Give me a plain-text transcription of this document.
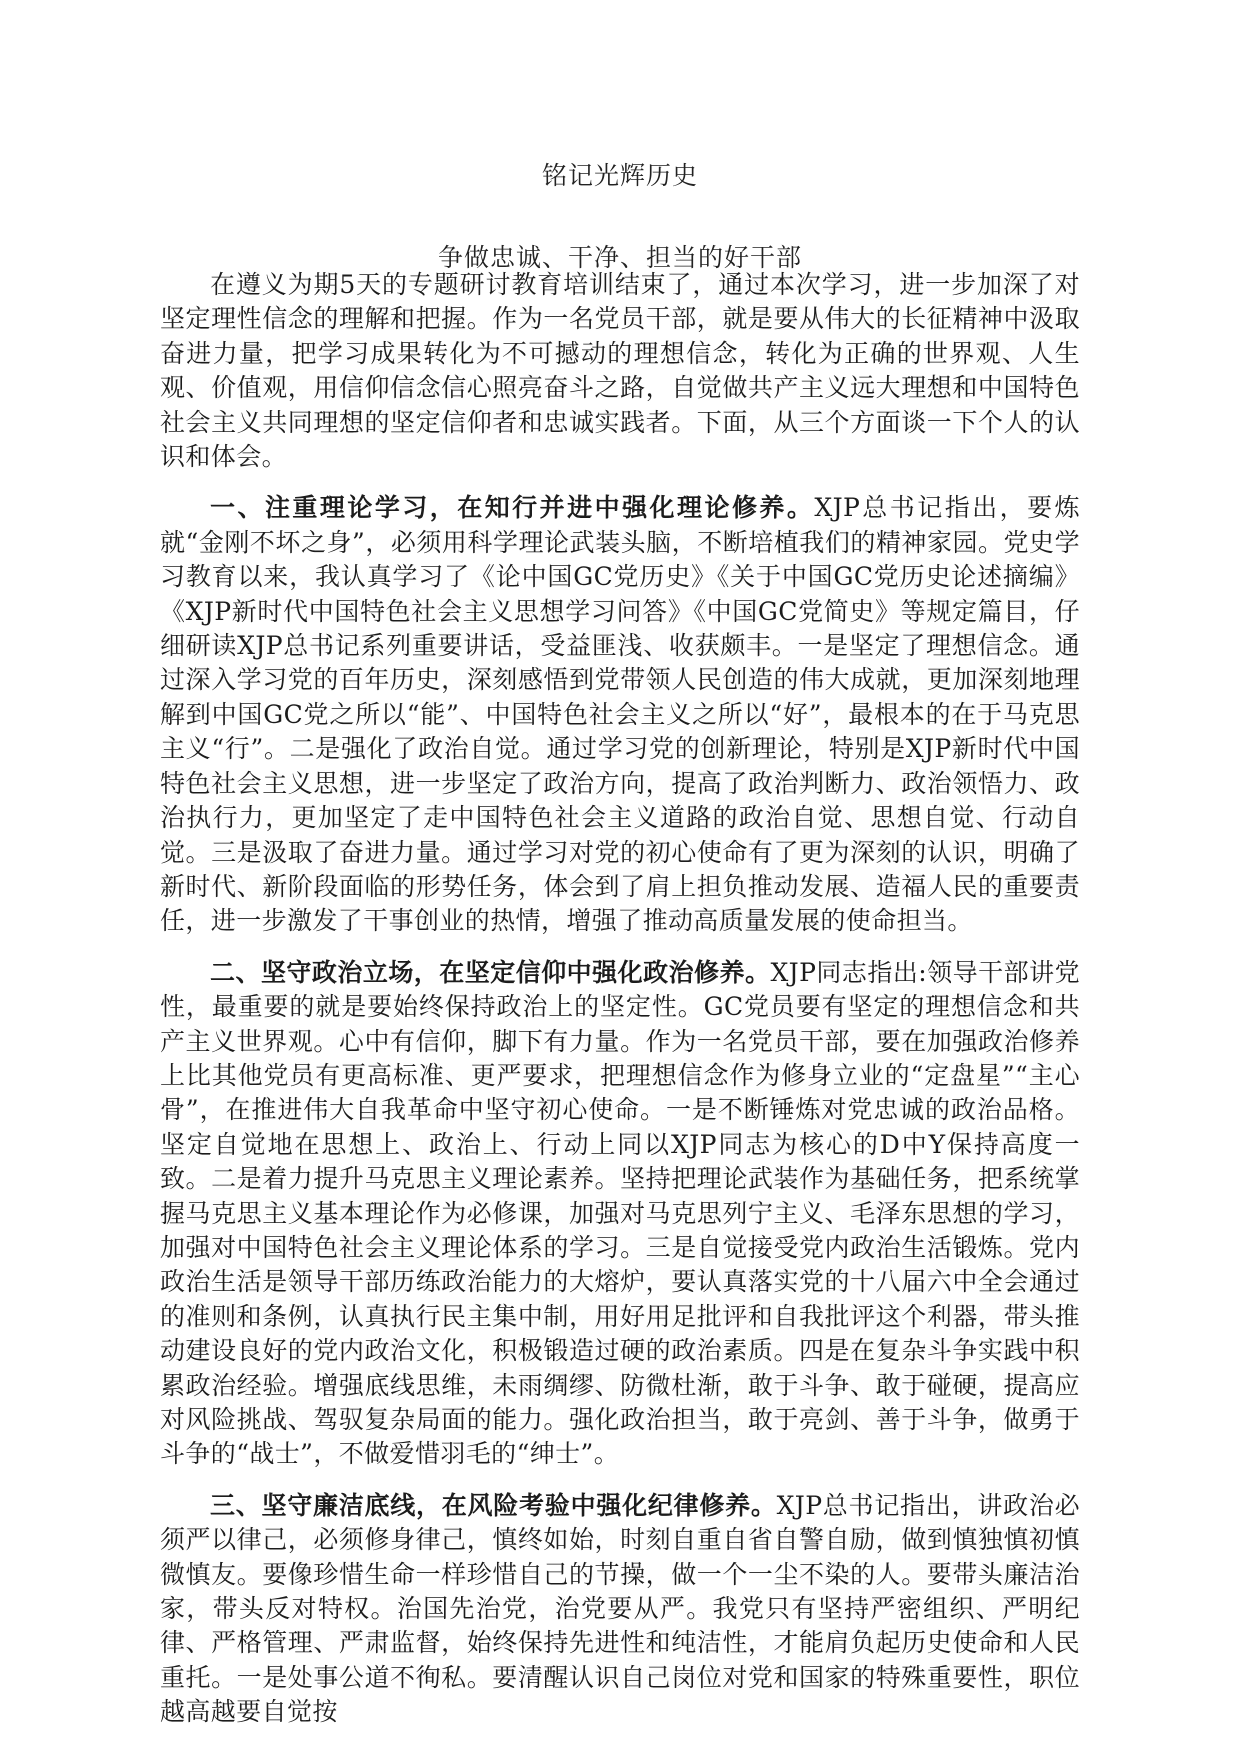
铭记光辉历史
争做忠诚、干净、担当的好干部

在遵义为期5天的专题研讨教育培训结束了，通过本次学习，进一步加深了对坚定理性信念的理解和把握。作为一名党员干部，就是要从伟大的长征精神中汲取奋进力量，把学习成果转化为不可撼动的理想信念，转化为正确的世界观、人生观、价值观，用信仰信念信心照亮奋斗之路，自觉做共产主义远大理想和中国特色社会主义共同理想的坚定信仰者和忠诚实践者。下面，从三个方面谈一下个人的认识和体会。

一、注重理论学习，在知行并进中强化理论修养。XJP总书记指出，要炼就“金刚不坏之身”，必须用科学理论武装头脑，不断培植我们的精神家园。党史学习教育以来，我认真学习了《论中国GC党历史》《关于中国GC党历史论述摘编》《XJP新时代中国特色社会主义思想学习问答》《中国GC党简史》等规定篇目，仔细研读XJP总书记系列重要讲话，受益匪浅、收获颇丰。一是坚定了理想信念。通过深入学习党的百年历史，深刻感悟到党带领人民创造的伟大成就，更加深刻地理解到中国GC党之所以“能”、中国特色社会主义之所以“好”，最根本的在于马克思主义“行”。二是强化了政治自觉。通过学习党的创新理论，特别是XJP新时代中国特色社会主义思想，进一步坚定了政治方向，提高了政治判断力、政治领悟力、政治执行力，更加坚定了走中国特色社会主义道路的政治自觉、思想自觉、行动自觉。三是汲取了奋进力量。通过学习对党的初心使命有了更为深刻的认识，明确了新时代、新阶段面临的形势任务，体会到了肩上担负推动发展、造福人民的重要责任，进一步激发了干事创业的热情，增强了推动高质量发展的使命担当。

二、坚守政治立场，在坚定信仰中强化政治修养。XJP同志指出:领导干部讲党性，最重要的就是要始终保持政治上的坚定性。GC党员要有坚定的理想信念和共产主义世界观。心中有信仰，脚下有力量。作为一名党员干部，要在加强政治修养上比其他党员有更高标准、更严要求，把理想信念作为修身立业的“定盘星”“主心骨”，在推进伟大自我革命中坚守初心使命。一是不断锤炼对党忠诚的政治品格。坚定自觉地在思想上、政治上、行动上同以XJP同志为核心的D中Y保持高度一致。二是着力提升马克思主义理论素养。坚持把理论武装作为基础任务，把系统掌握马克思主义基本理论作为必修课，加强对马克思列宁主义、毛泽东思想的学习，加强对中国特色社会主义理论体系的学习。三是自觉接受党内政治生活锻炼。党内政治生活是领导干部历练政治能力的大熔炉，要认真落实党的十八届六中全会通过的准则和条例，认真执行民主集中制，用好用足批评和自我批评这个利器，带头推动建设良好的党内政治文化，积极锻造过硬的政治素质。四是在复杂斗争实践中积累政治经验。增强底线思维，未雨绸缪、防微杜渐，敢于斗争、敢于碰硬，提高应对风险挑战、驾驭复杂局面的能力。强化政治担当，敢于亮剑、善于斗争，做勇于斗争的“战士”，不做爱惜羽毛的“绅士”。

三、坚守廉洁底线，在风险考验中强化纪律修养。XJP总书记指出，讲政治必须严以律己，必须修身律己，慎终如始，时刻自重自省自警自励，做到慎独慎初慎微慎友。要像珍惜生命一样珍惜自己的节操，做一个一尘不染的人。要带头廉洁治家，带头反对特权。治国先治党，治党要从严。我党只有坚持严密组织、严明纪律、严格管理、严肃监督，始终保持先进性和纯洁性，才能肩负起历史使命和人民重托。一是处事公道不徇私。要清醒认识自己岗位对党和国家的特殊重要性，职位越高越要自觉按
